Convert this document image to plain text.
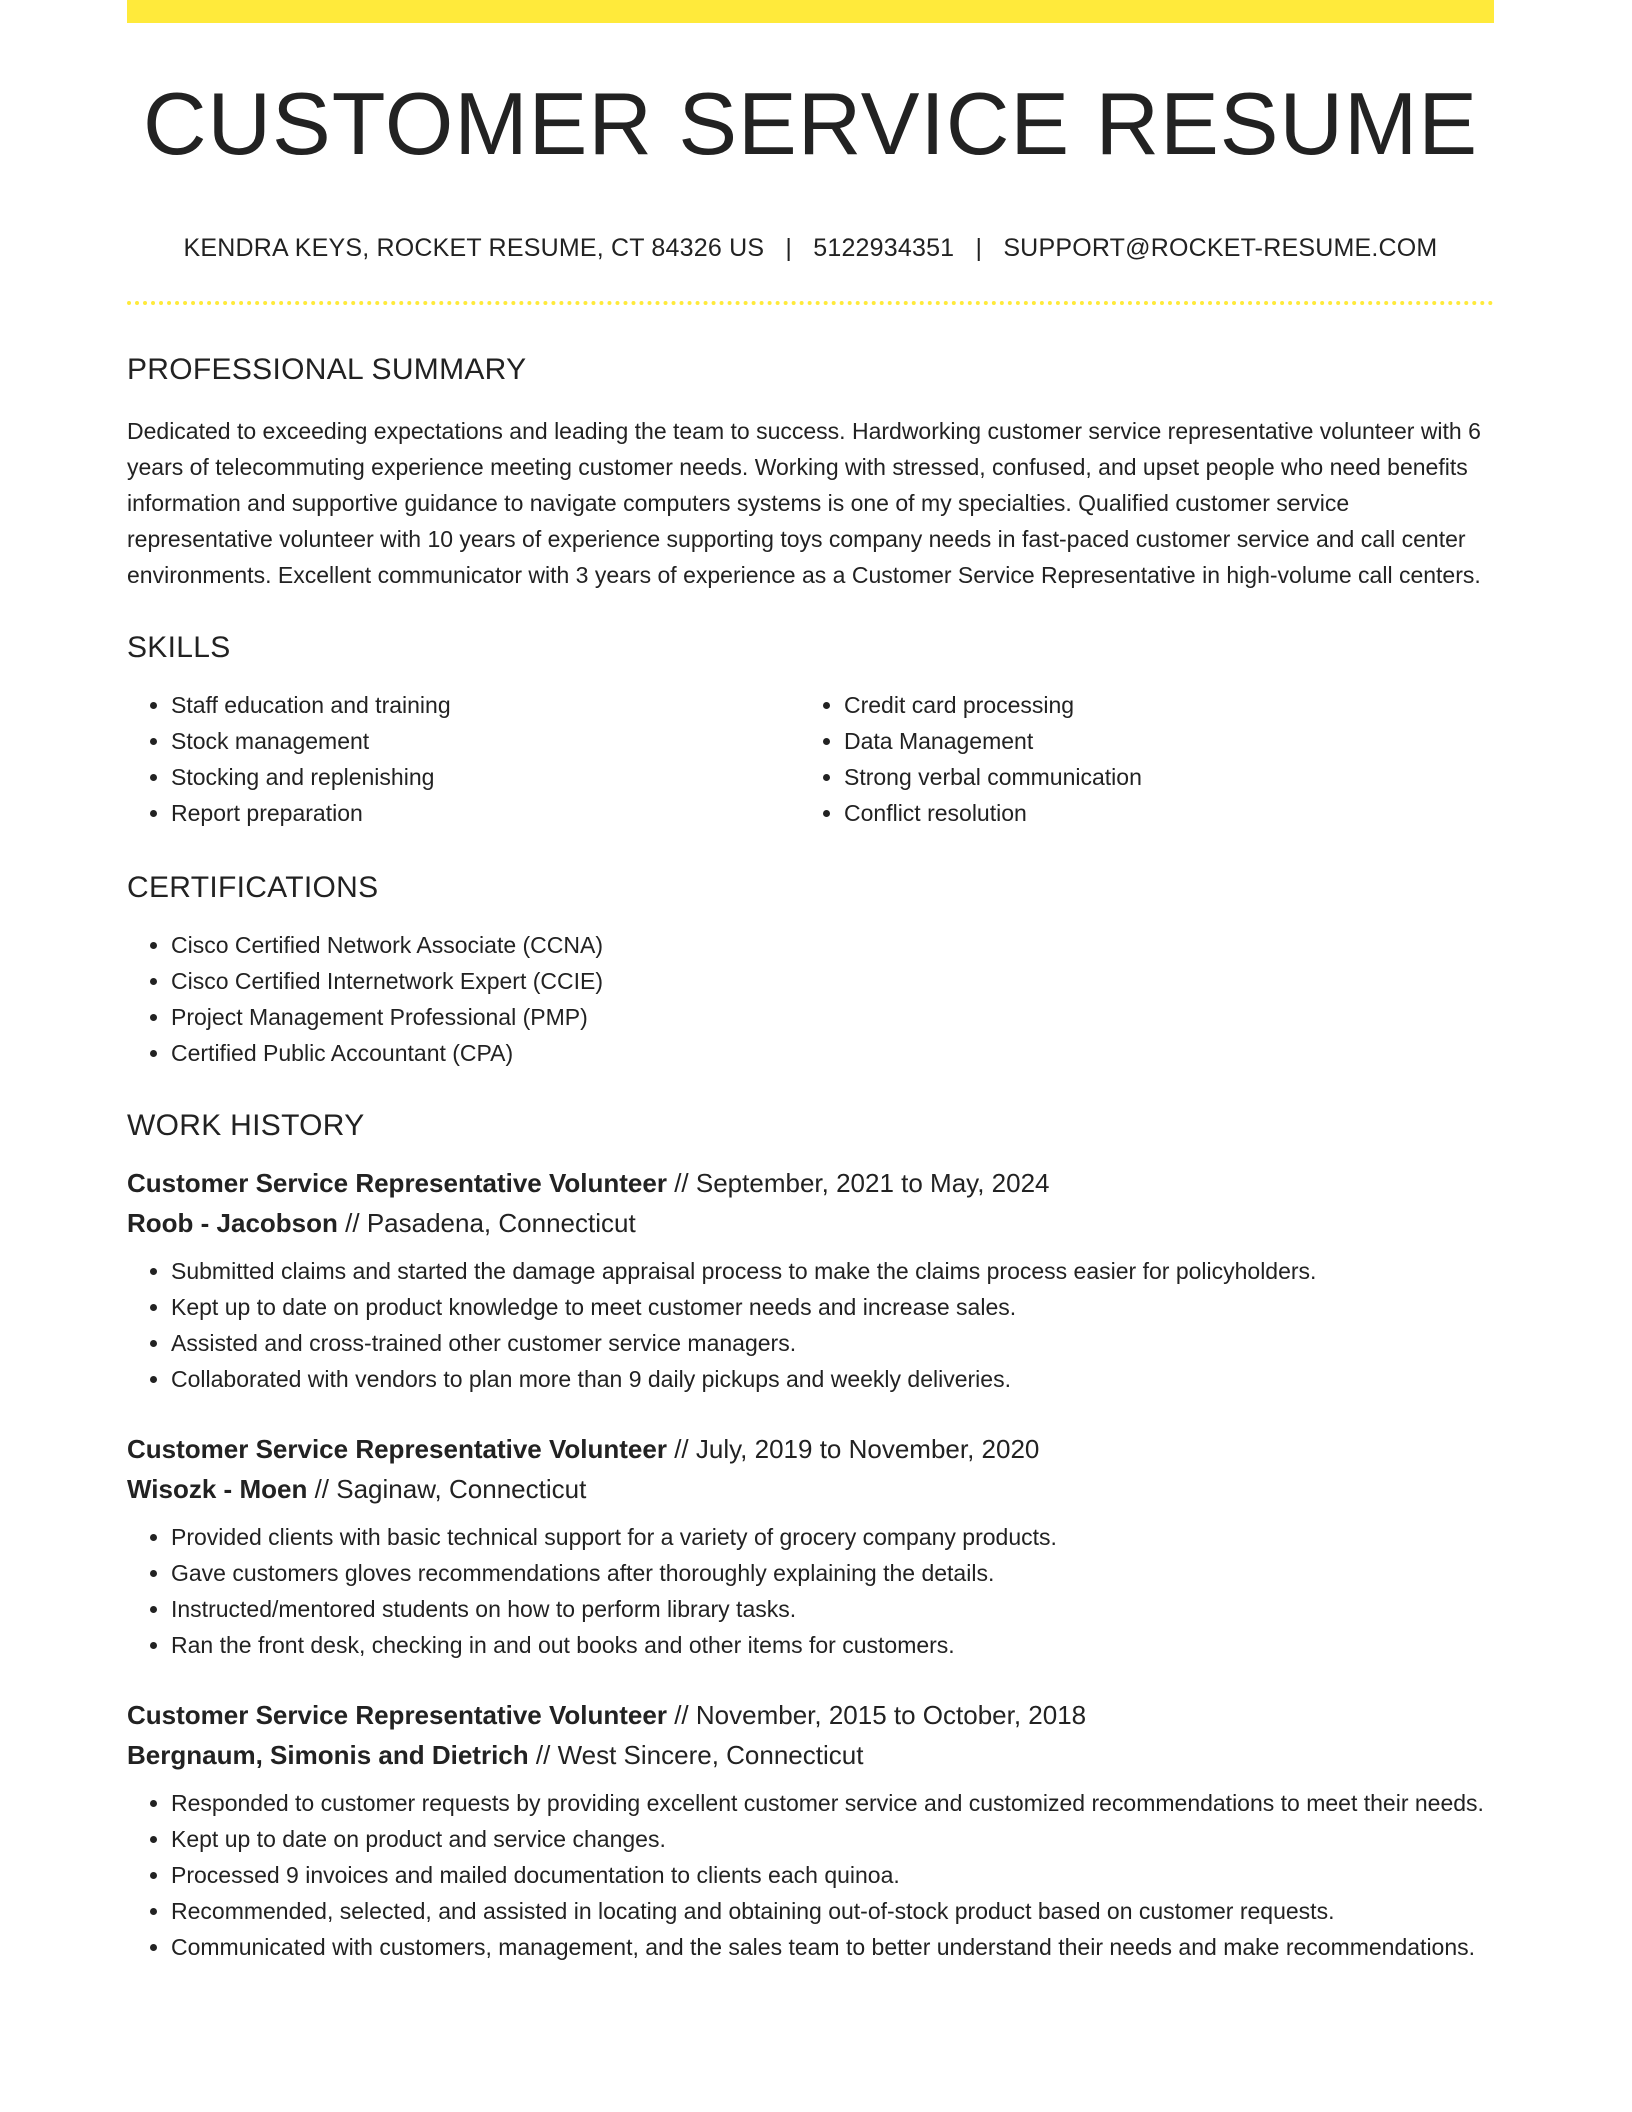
CUSTOMER SERVICE RESUME
KENDRA KEYS, ROCKET RESUME, CT 84326 US | 5122934351 | SUPPORT@ROCKET-RESUME.COM
PROFESSIONAL SUMMARY

Dedicated to exceeding expectations and leading the team to success. Hardworking customer service representative volunteer with 6 years of telecommuting experience meeting customer needs. Working with stressed, confused, and upset people who need benefits information and supportive guidance to navigate computers systems is one of my specialties. Qualified customer service representative volunteer with 10 years of experience supporting toys company needs in fast-paced customer service and call center environments. Excellent communicator with 3 years of experience as a Customer Service Representative in high-volume call centers.

SKILLS
• Staff education and training
• Stock management
• Stocking and replenishing
• Report preparation
• Credit card processing
• Data Management
• Strong verbal communication
• Conflict resolution
CERTIFICATIONS
• Cisco Certified Network Associate (CCNA)
• Cisco Certified Internetwork Expert (CCIE)
• Project Management Professional (PMP)
• Certified Public Accountant (CPA)
WORK HISTORY
Customer Service Representative Volunteer // September, 2021 to May, 2024
Roob - Jacobson // Pasadena, Connecticut
• Submitted claims and started the damage appraisal process to make the claims process easier for policyholders.
• Kept up to date on product knowledge to meet customer needs and increase sales.
• Assisted and cross-trained other customer service managers.
• Collaborated with vendors to plan more than 9 daily pickups and weekly deliveries.
Customer Service Representative Volunteer // July, 2019 to November, 2020
Wisozk - Moen // Saginaw, Connecticut
• Provided clients with basic technical support for a variety of grocery company products.
• Gave customers gloves recommendations after thoroughly explaining the details.
• Instructed/mentored students on how to perform library tasks.
• Ran the front desk, checking in and out books and other items for customers.
Customer Service Representative Volunteer // November, 2015 to October, 2018
Bergnaum, Simonis and Dietrich // West Sincere, Connecticut
• Responded to customer requests by providing excellent customer service and customized recommendations to meet their needs.
• Kept up to date on product and service changes.
• Processed 9 invoices and mailed documentation to clients each quinoa.
• Recommended, selected, and assisted in locating and obtaining out-of-stock product based on customer requests.
• Communicated with customers, management, and the sales team to better understand their needs and make recommendations.
